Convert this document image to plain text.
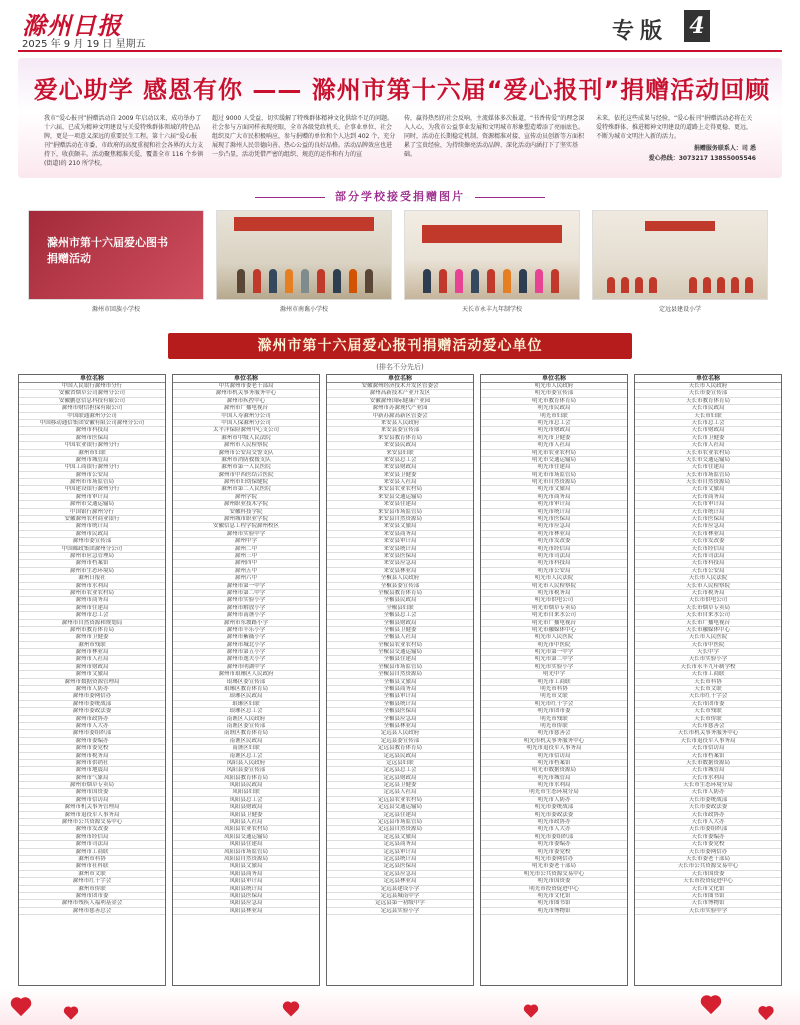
滁州日报
2025 年 9 月 19 日 星期五
专版 4
爱心助学 感恩有你 —— 滁州市第十六届“爱心报刊”捐赠活动回顾
我市“爱心报刊”捐赠活动自 2009 年启动以来，成功举办了十六届，已成为精神文明建设与关爱特殊群体领域的特色品牌，更是一项意义深远的重要民生工程。第十六届“爱心报刊”捐赠活动在市委、市政府的高度重视和社会各界的大力支持下，收获颇丰。活动聚焦精准关爱，覆盖全市 116 个乡镇(街道)的 210 所学校，
超过 9000 人受益，切实缓解了特殊群体精神文化供给不足的问题。社会参与方面同样表现亮眼，全市各级党政机关、企事业单位、社会组织及广大市民积极响应，参与捐赠的单位和个人达到 402 个，充分展现了滁州人民崇德向善、热心公益的良好品格。活动品牌效应也进一步凸显，活动凭借严密的组织、规范的运作和有力的宣
传，赢得热烈的社会反响，主流媒体多次报道，“书香传爱”的理念深入人心，为我市公益事业发展和文明城市形象塑造增添了亮丽底色。同时，活动在长期稳定机制、资源精准对接、宣传动员创新等方面积累了宝贵经验，为持续擦亮活动品牌、深化活动内涵打下了坚实基础。
未来，依托这些成果与经验，“爱心报刊”捐赠活动必将在关爱特殊群体、推进精神文明建设的道路上走得更稳、更远，不断为城市文明注入新的活力。
捐赠服务联系人：司 悉
爱心热线：3073217 13855005546
部分学校接受捐赠图片
滁州市第十六届爱心图书
捐赠活动
滁州市回族小学校	滁州市南谯小学校	天长市永丰九年制学校	定远县建设小学
滁州市第十六届爱心报刊捐赠活动爱心单位
(排名不分先后)
单位名称
中国人民银行滁州市分行
安徽省烟草公司滁州分公司
安徽鹏意信息科技有限公司
滁州市财信担保有限公司
中国联通滁州分公司
中国移动通信集团安徽有限公司滁州分公司
滁州市科技局
滁州市医保局
中国农业银行滁州分行
滁州市妇联
滁州市城管局
中国工商银行滁州分行
滁州市公安局
滁州市市场监管局
中国建设银行滁州分行
滁州市审计局
滁州市交通运输局
中国银行滁州分行
安徽滁州农村商业银行
滁州市统计局
滁州市民政局
滁州市委宣传部
中国邮政集团滁州分公司
滁州市应急管理局
滁州市档案馆
滁州市生态环境局
滁州日报社
滁州市水利局
滁州市农业农村局
滁州市商务局
滁州市住建局
滁州市总工会
滁州市自然资源和规划局
滁州市教育体育局
滁州市卫健委
滁州市残联
滁州市林业局
滁州市人社局
滁州市财政局
滁州市文旅局
滁州市数据资源管理局
滁州市人防办
滁州市委网信办
滁州市委统战部
滁州市委政法委
滁州市政协办
滁州市人大办
滁州市委组织部
滁州市委编办
滁州市委党校
滁州市税务局
滁州市供销社
滁州市地震局
滁州市气象局
滁州市烟草专卖局
滁州市国资委
滁州市信访局
滁州市机关事务管理局
滁州市退役军人事务局
滁州市公共资源交易中心
滁州市发改委
滁州市经信局
滁州市司法局
滁州市工商联
滁州市科协
滁州市社科联
滁州市文联
滁州市红十字会
滁州市侨联
滁州市团市委
滁州市残疾人福利基金会
滁州市慈善总会
单位名称
中共滁州市委老干部局
滁州市机关事务服务中心
滁州市疾控中心
滁州市广播电视台
中国人寿滁州分公司
中国人保滁州分公司
太平洋保险滁州中心支公司
滁州市中级人民法院
滁州市人民检察院
滁州市公安局交警支队
滁州市消防救援支队
滁州市第一人民医院
滁州市中西医结合医院
滁州市妇幼保健院
滁州市第二人民医院
滁州学院
滁州职业技术学院
安徽科技学院
滁州城市职业学院
安徽信息工程学院滁州校区
滁州市实验中学
滁州中学
滁州二中
滁州三中
滁州四中
滁州五中
滁州六中
滁州市第一中学
滁州市第二中学
滁州市实验小学
滁州市解放小学
滁州市南谯小学
滁州市东坡路小学
滁州市丰乐小学
滁州市紫薇小学
滁州市城北小学
滁州市第五小学
滁州市逸夫小学
滁州市明湖中学
滁州市琅琊区人民政府
琅琊区委宣传部
琅琊区教育体育局
琅琊区民政局
琅琊区妇联
琅琊区总工会
南谯区人民政府
南谯区委宣传部
南谯区教育体育局
南谯区民政局
南谯区妇联
南谯区总工会
凤阳县人民政府
凤阳县委宣传部
凤阳县教育体育局
凤阳县民政局
凤阳县妇联
凤阳县总工会
凤阳县财政局
凤阳县卫健委
凤阳县人社局
凤阳县农业农村局
凤阳县交通运输局
凤阳县住建局
凤阳县市场监管局
凤阳县自然资源局
凤阳县文旅局
凤阳县商务局
凤阳县审计局
凤阳县统计局
凤阳县医保局
凤阳县应急局
凤阳县林业局
单位名称
安徽滁州经济技术开发区管委会
滁州高新技术产业开发区
安徽滁州国际健康产业园
滁州市苏滁现代产业园
中新苏滁高新区管委会
来安县人民政府
来安县委宣传部
来安县教育体育局
来安县民政局
来安县妇联
来安县总工会
来安县财政局
来安县卫健委
来安县人社局
来安县农业农村局
来安县交通运输局
来安县住建局
来安县市场监管局
来安县自然资源局
来安县文旅局
来安县商务局
来安县审计局
来安县统计局
来安县医保局
来安县应急局
来安县林业局
全椒县人民政府
全椒县委宣传部
全椒县教育体育局
全椒县民政局
全椒县妇联
全椒县总工会
全椒县财政局
全椒县卫健委
全椒县人社局
全椒县农业农村局
全椒县交通运输局
全椒县住建局
全椒县市场监管局
全椒县自然资源局
全椒县文旅局
全椒县商务局
全椒县审计局
全椒县统计局
全椒县医保局
全椒县应急局
全椒县林业局
定远县人民政府
定远县委宣传部
定远县教育体育局
定远县民政局
定远县妇联
定远县总工会
定远县财政局
定远县卫健委
定远县人社局
定远县农业农村局
定远县交通运输局
定远县住建局
定远县市场监管局
定远县自然资源局
定远县文旅局
定远县商务局
定远县审计局
定远县统计局
定远县医保局
定远县应急局
定远县林业局
定远县建设小学
定远县城南中学
定远县第一初级中学
定远县实验小学
单位名称
明光市人民政府
明光市委宣传部
明光市教育体育局
明光市民政局
明光市妇联
明光市总工会
明光市财政局
明光市卫健委
明光市人社局
明光市农业农村局
明光市交通运输局
明光市住建局
明光市市场监管局
明光市自然资源局
明光市文旅局
明光市商务局
明光市审计局
明光市统计局
明光市医保局
明光市应急局
明光市林业局
明光市发改委
明光市经信局
明光市司法局
明光市科技局
明光市公安局
明光市人民法院
明光市人民检察院
明光市税务局
明光市供电公司
明光市烟草专卖局
明光市自来水公司
明光市广播电视台
明光市融媒体中心
明光市人民医院
明光市中医院
明光市第一中学
明光市第二中学
明光市实验小学
明光中学
明光市工商联
明光市科协
明光市文联
明光市红十字会
明光市团市委
明光市残联
明光市侨联
明光市慈善会
明光市机关事务服务中心
明光市退役军人事务局
明光市信访局
明光市档案馆
明光市数据资源局
明光市城管局
明光市水利局
明光市生态环境分局
明光市人防办
明光市委统战部
明光市委政法委
明光市政协办
明光市人大办
明光市委组织部
明光市委编办
明光市委党校
明光市委网信办
明光市委老干部局
明光市公共资源交易中心
明光市国资委
明光市投资促进中心
明光市文化馆
明光市图书馆
明光市博物馆
单位名称
天长市人民政府
天长市委宣传部
天长市教育体育局
天长市民政局
天长市妇联
天长市总工会
天长市财政局
天长市卫健委
天长市人社局
天长市农业农村局
天长市交通运输局
天长市住建局
天长市市场监管局
天长市自然资源局
天长市文旅局
天长市商务局
天长市审计局
天长市统计局
天长市医保局
天长市应急局
天长市林业局
天长市发改委
天长市经信局
天长市司法局
天长市科技局
天长市公安局
天长市人民法院
天长市人民检察院
天长市税务局
天长市供电公司
天长市烟草专卖局
天长市自来水公司
天长市广播电视台
天长市融媒体中心
天长市人民医院
天长市中医院
天长中学
天长市实验小学
天长市永丰九年制学校
天长市工商联
天长市科协
天长市文联
天长市红十字会
天长市团市委
天长市残联
天长市侨联
天长市慈善会
天长市机关事务服务中心
天长市退役军人事务局
天长市信访局
天长市档案馆
天长市数据资源局
天长市城管局
天长市水利局
天长市生态环境分局
天长市人防办
天长市委统战部
天长市委政法委
天长市政协办
天长市人大办
天长市委组织部
天长市委编办
天长市委党校
天长市委网信办
天长市委老干部局
天长市公共资源交易中心
天长市国资委
天长市投资促进中心
天长市文化馆
天长市图书馆
天长市博物馆
天长市实验中学
